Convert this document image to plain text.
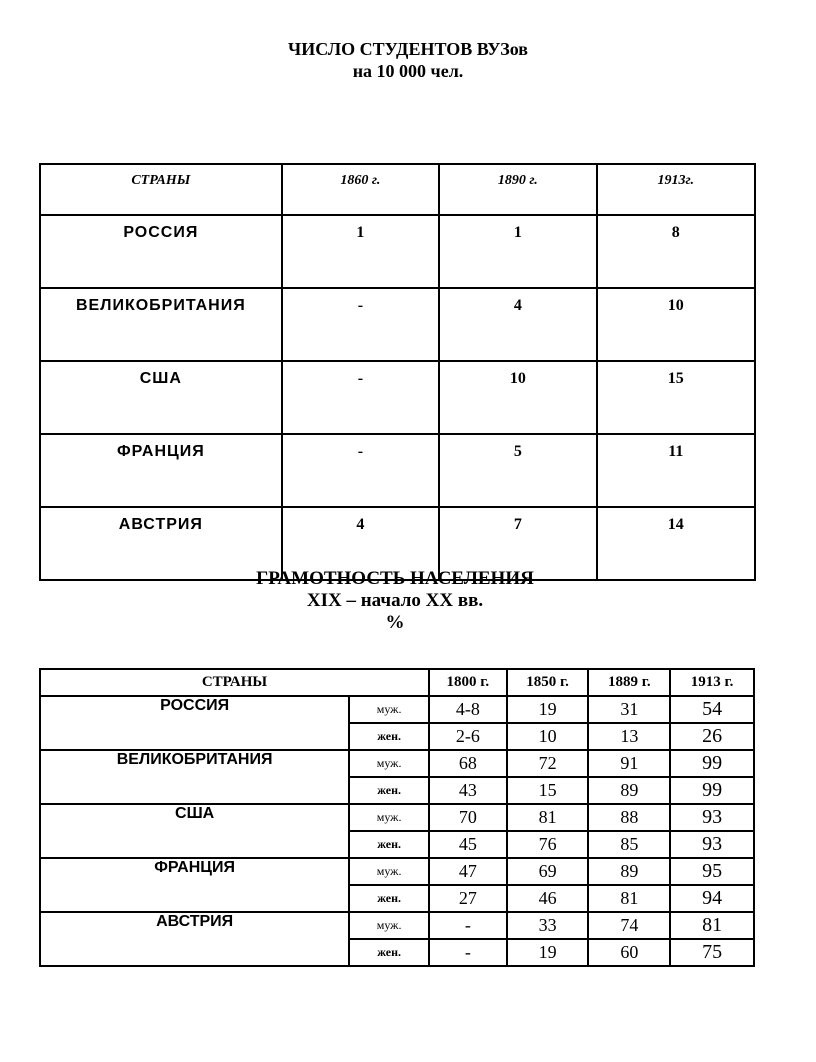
ЧИСЛО СТУДЕНТОВ ВУЗов
на 10 000 чел.
СТРАНЫ	1860 г.	1890 г.	1913г.
РОССИЯ	1	1	8
ВЕЛИКОБРИТАНИЯ	-	4	10
США	-	10	15
ФРАНЦИЯ	-	5	11
АВСТРИЯ	4	7	14
ГРАМОТНОСТЬ НАСЕЛЕНИЯ
XIX – начало XX вв.
%
СТРАНЫ		1800 г.	1850 г.	1889 г.	1913 г.
РОССИЯ	муж.	4-8	19	31	54
	жен.	2-6	10	13	26
ВЕЛИКОБРИТАНИЯ	муж.	68	72	91	99
	жен.	43	15	89	99
США	муж.	70	81	88	93
	жен.	45	76	85	93
ФРАНЦИЯ	муж.	47	69	89	95
	жен.	27	46	81	94
АВСТРИЯ	муж.	-	33	74	81
	жен.	-	19	60	75
